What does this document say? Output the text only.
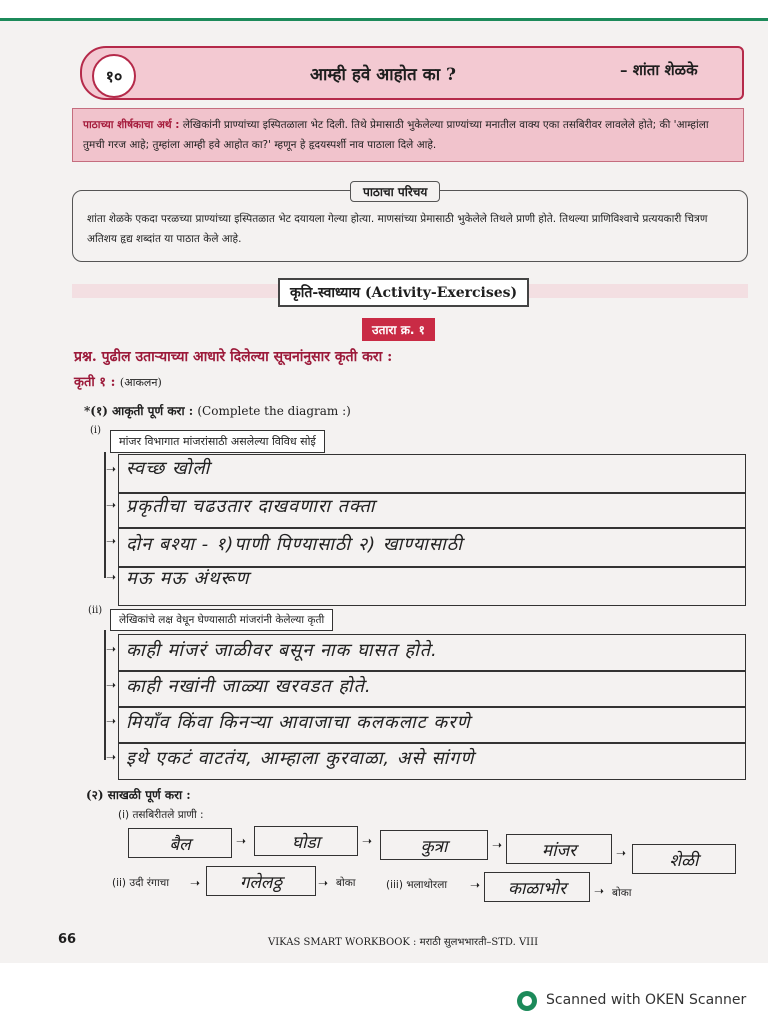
१०	आम्ही हवे आहोत का ?	– शांता शेळके
पाठाच्या शीर्षकाचा अर्थ : लेखिकांनी प्राण्यांच्या इस्पितळाला भेट दिली. तिथे प्रेमासाठी भुकेलेल्या प्राण्यांच्या मनातील वाक्य एका तसबिरीवर लावलेले होते; की 'आम्हांला तुमची गरज आहे; तुम्हांला आम्ही हवे आहोत का?' म्हणून हे हृदयस्पर्शी नाव पाठाला दिले आहे.
शांता शेळके एकदा परळच्या प्राण्यांच्या इस्पितळात भेट दयायला गेल्या होत्या. माणसांच्या प्रेमासाठी भुकेलेले तिथले प्राणी होते. तिथल्या प्राणिविश्वाचे प्रत्ययकारी चित्रण अतिशय हृद्य शब्दांत या पाठात केले आहे.
पाठाचा परिचय
कृति-स्वाध्याय (Activity-Exercises)
उतारा क्र. १
प्रश्न. पुढील उताऱ्याच्या आधारे दिलेल्या सूचनांनुसार कृती करा :
कृती १ : (आकलन)
*(१) आकृती पूर्ण करा : (Complete the diagram :)
(i)
मांजर विभागात मांजरांसाठी असलेल्या विविध सोई
➝ स्वच्छ खोली
➝ प्रकृतीचा चढउतार दाखवणारा तक्ता
➝ दोन बश्या - १)पाणी पिण्यासाठी २) खाण्यासाठी
➝ मऊ मऊ अंथरूण
(ii)
लेखिकांचे लक्ष वेधून घेण्यासाठी मांजरांनी केलेल्या कृती
➝ काही मांजरं जाळीवर बसून नाक घासत होते.
➝ काही नखांनी जाळ्या खरवडत होते.
➝ मियाँव किंवा किनऱ्या आवाजाचा कलकलाट करणे
➝ इथे एकटं वाटतंय, आम्हाला कुरवाळा, असे सांगणे
(२) साखळी पूर्ण करा :
(i) तसबिरीतले प्राणी :
बैल	➝	घोडा	➝	कुत्रा	➝ मांजर	➝	शेळी
(ii) उदी रंगाचा ➝ गलेलठ्ठ	➝ बोका	(iii) भलाथोरला ➝ काळाभोर ➝ बोका
66	VIKAS SMART WORKBOOK : मराठी सुलभभारती–STD. VIII
Scanned with OKEN Scanner
